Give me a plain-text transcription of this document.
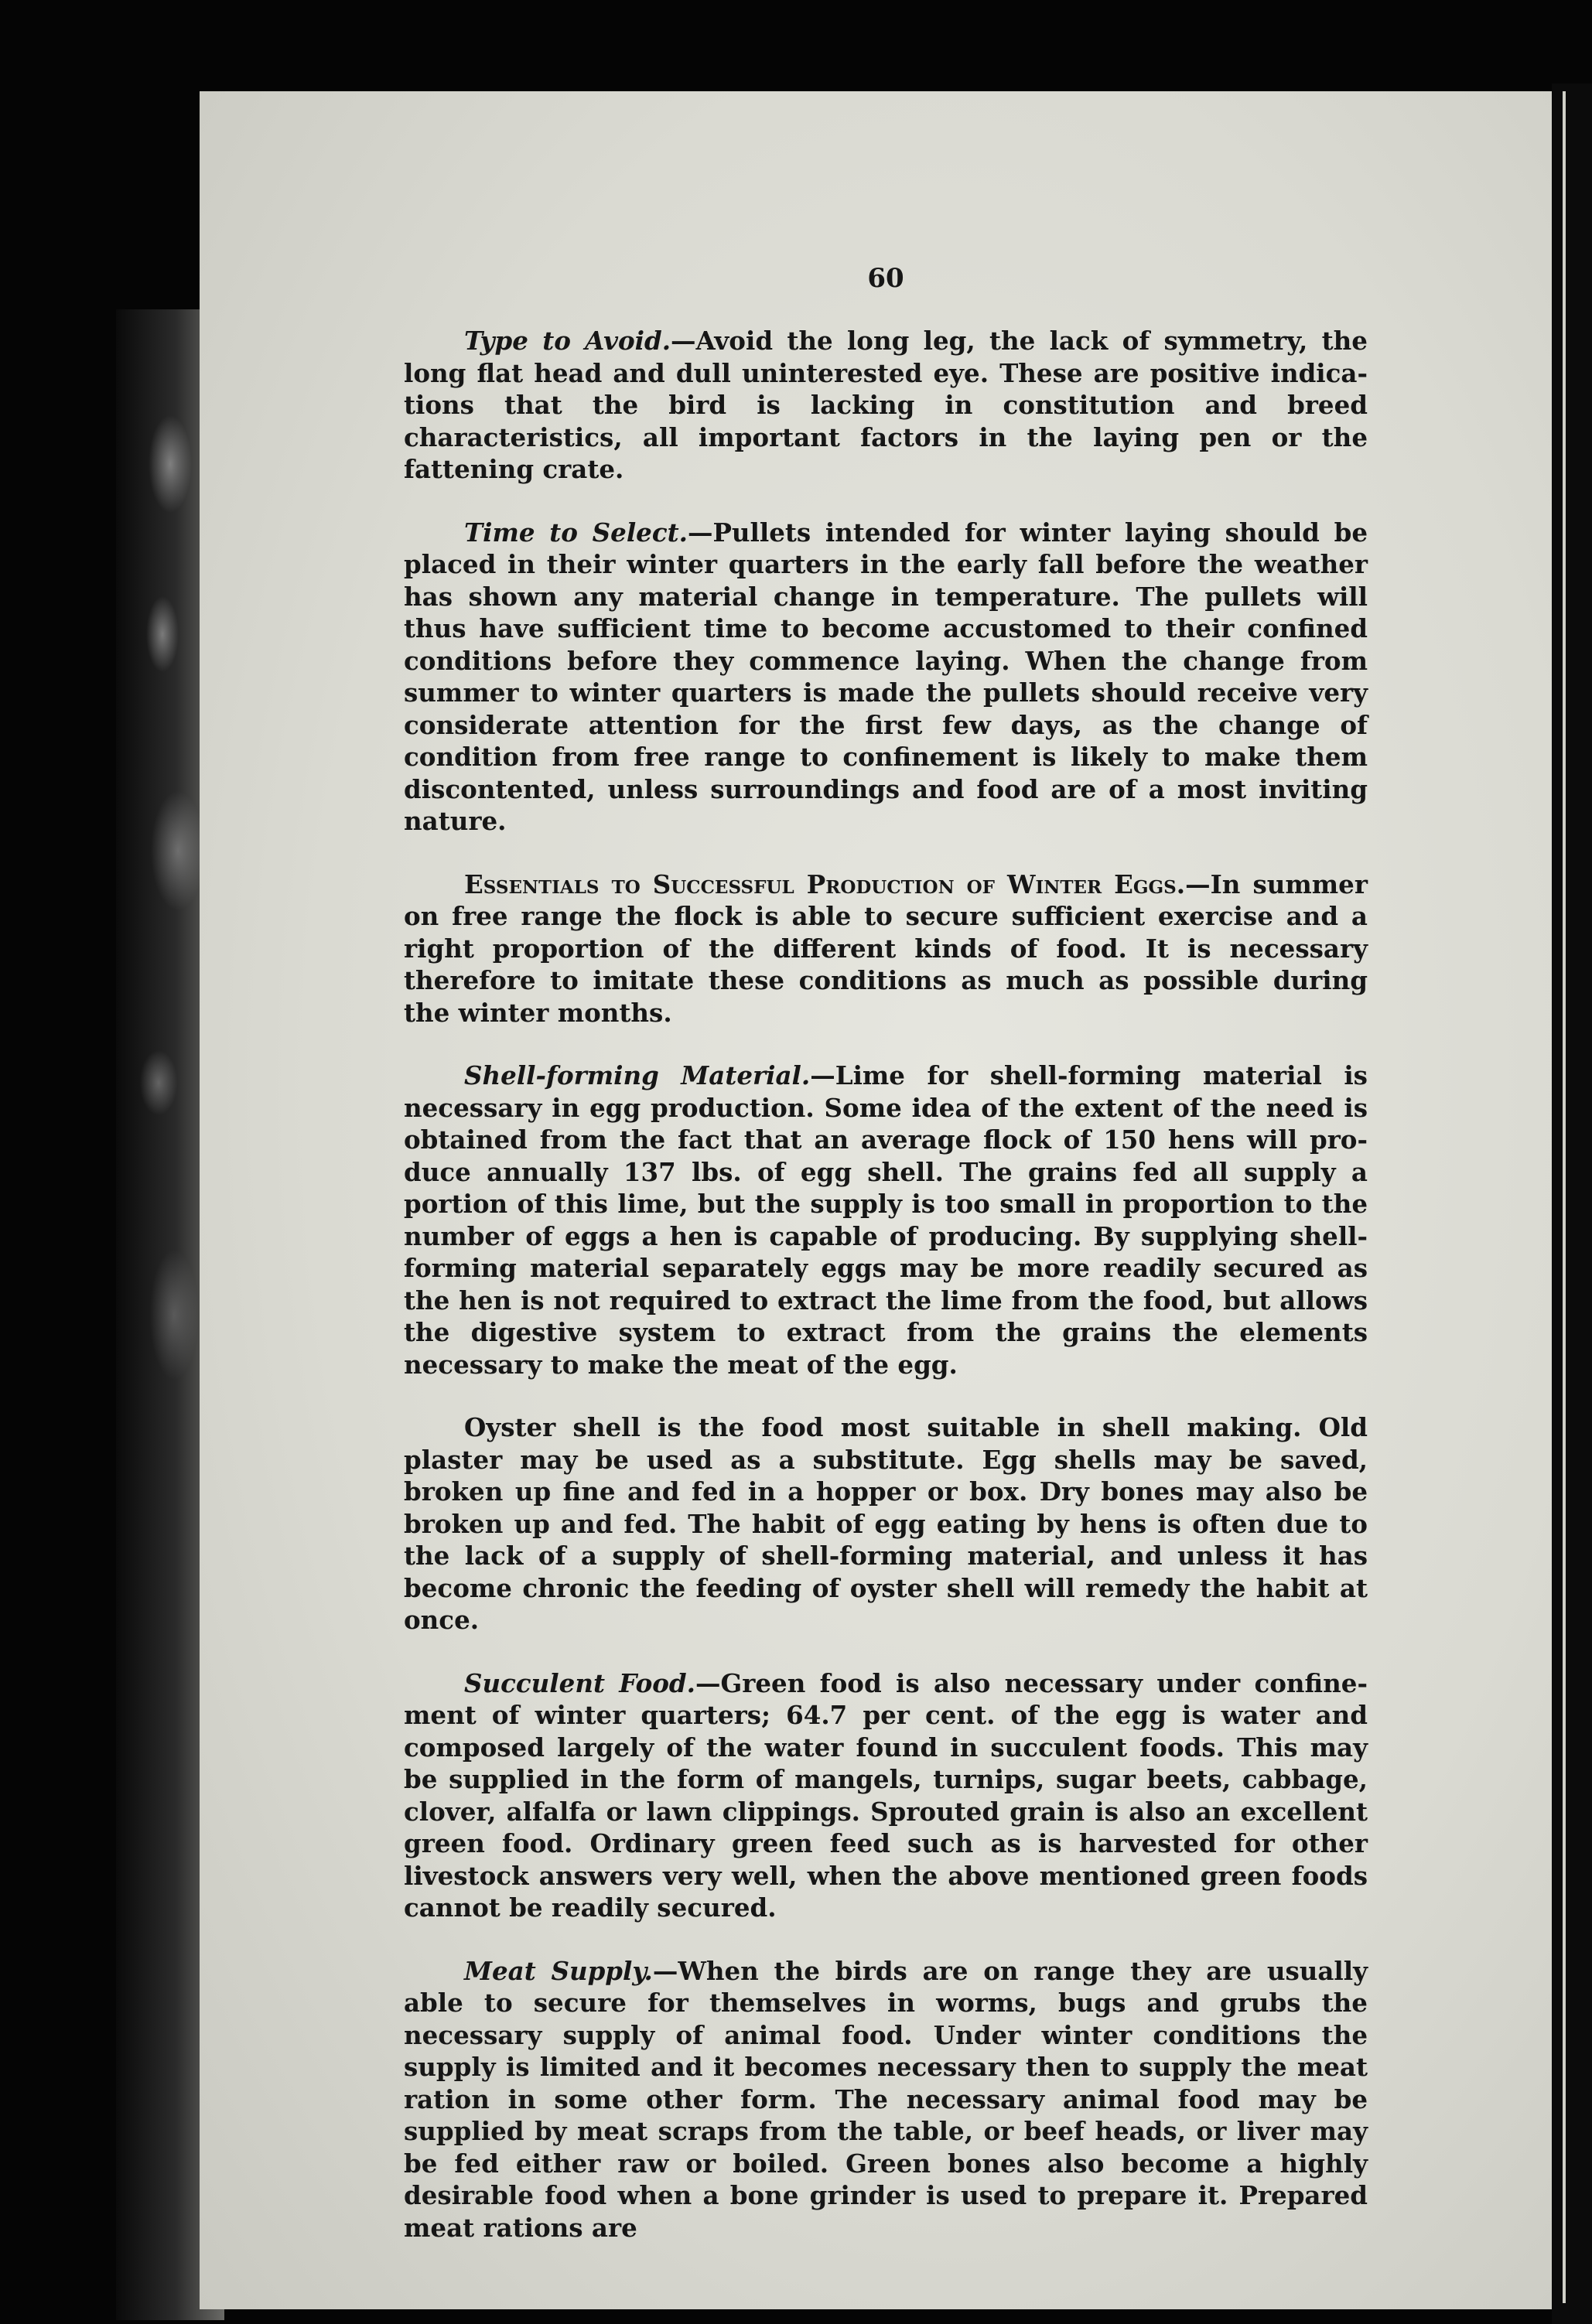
60

Type to Avoid.—Avoid the long leg, the lack of symmetry, the long flat head and dull uninterested eye. These are positive indications that the bird is lacking in constitution and breed characteristics, all important factors in the laying pen or the fattening crate.

Time to Select.—Pullets intended for winter laying should be placed in their winter quarters in the early fall before the weather has shown any material change in temperature. The pullets will thus have sufficient time to become accustomed to their confined conditions before they commence laying. When the change from summer to winter quarters is made the pullets should receive very considerate attention for the first few days, as the change of condition from free range to confinement is likely to make them discontented, unless surroundings and food are of a most inviting nature.

Essentials to Successful Production of Winter Eggs.—In summer on free range the flock is able to secure sufficient exercise and a right proportion of the different kinds of food. It is necessary therefore to imitate these conditions as much as possible during the winter months.

Shell-forming Material.—Lime for shell-forming material is necessary in egg production. Some idea of the extent of the need is obtained from the fact that an average flock of 150 hens will produce annually 137 lbs. of egg shell. The grains fed all supply a portion of this lime, but the supply is too small in proportion to the number of eggs a hen is capable of producing. By supplying shell-forming material separately eggs may be more readily secured as the hen is not required to extract the lime from the food, but allows the digestive system to extract from the grains the elements necessary to make the meat of the egg.

Oyster shell is the food most suitable in shell making. Old plaster may be used as a substitute. Egg shells may be saved, broken up fine and fed in a hopper or box. Dry bones may also be broken up and fed. The habit of egg eating by hens is often due to the lack of a supply of shell-forming material, and unless it has become chronic the feeding of oyster shell will remedy the habit at once.

Succulent Food.—Green food is also necessary under confinement of winter quarters; 64.7 per cent. of the egg is water and composed largely of the water found in succulent foods. This may be supplied in the form of mangels, turnips, sugar beets, cabbage, clover, alfalfa or lawn clippings. Sprouted grain is also an excellent green food. Ordinary green feed such as is harvested for other livestock answers very well, when the above mentioned green foods cannot be readily secured.

Meat Supply.—When the birds are on range they are usually able to secure for themselves in worms, bugs and grubs the necessary supply of animal food. Under winter conditions the supply is limited and it becomes necessary then to supply the meat ration in some other form. The necessary animal food may be supplied by meat scraps from the table, or beef heads, or liver may be fed either raw or boiled. Green bones also become a highly desirable food when a bone grinder is used to prepare it. Prepared meat rations are
